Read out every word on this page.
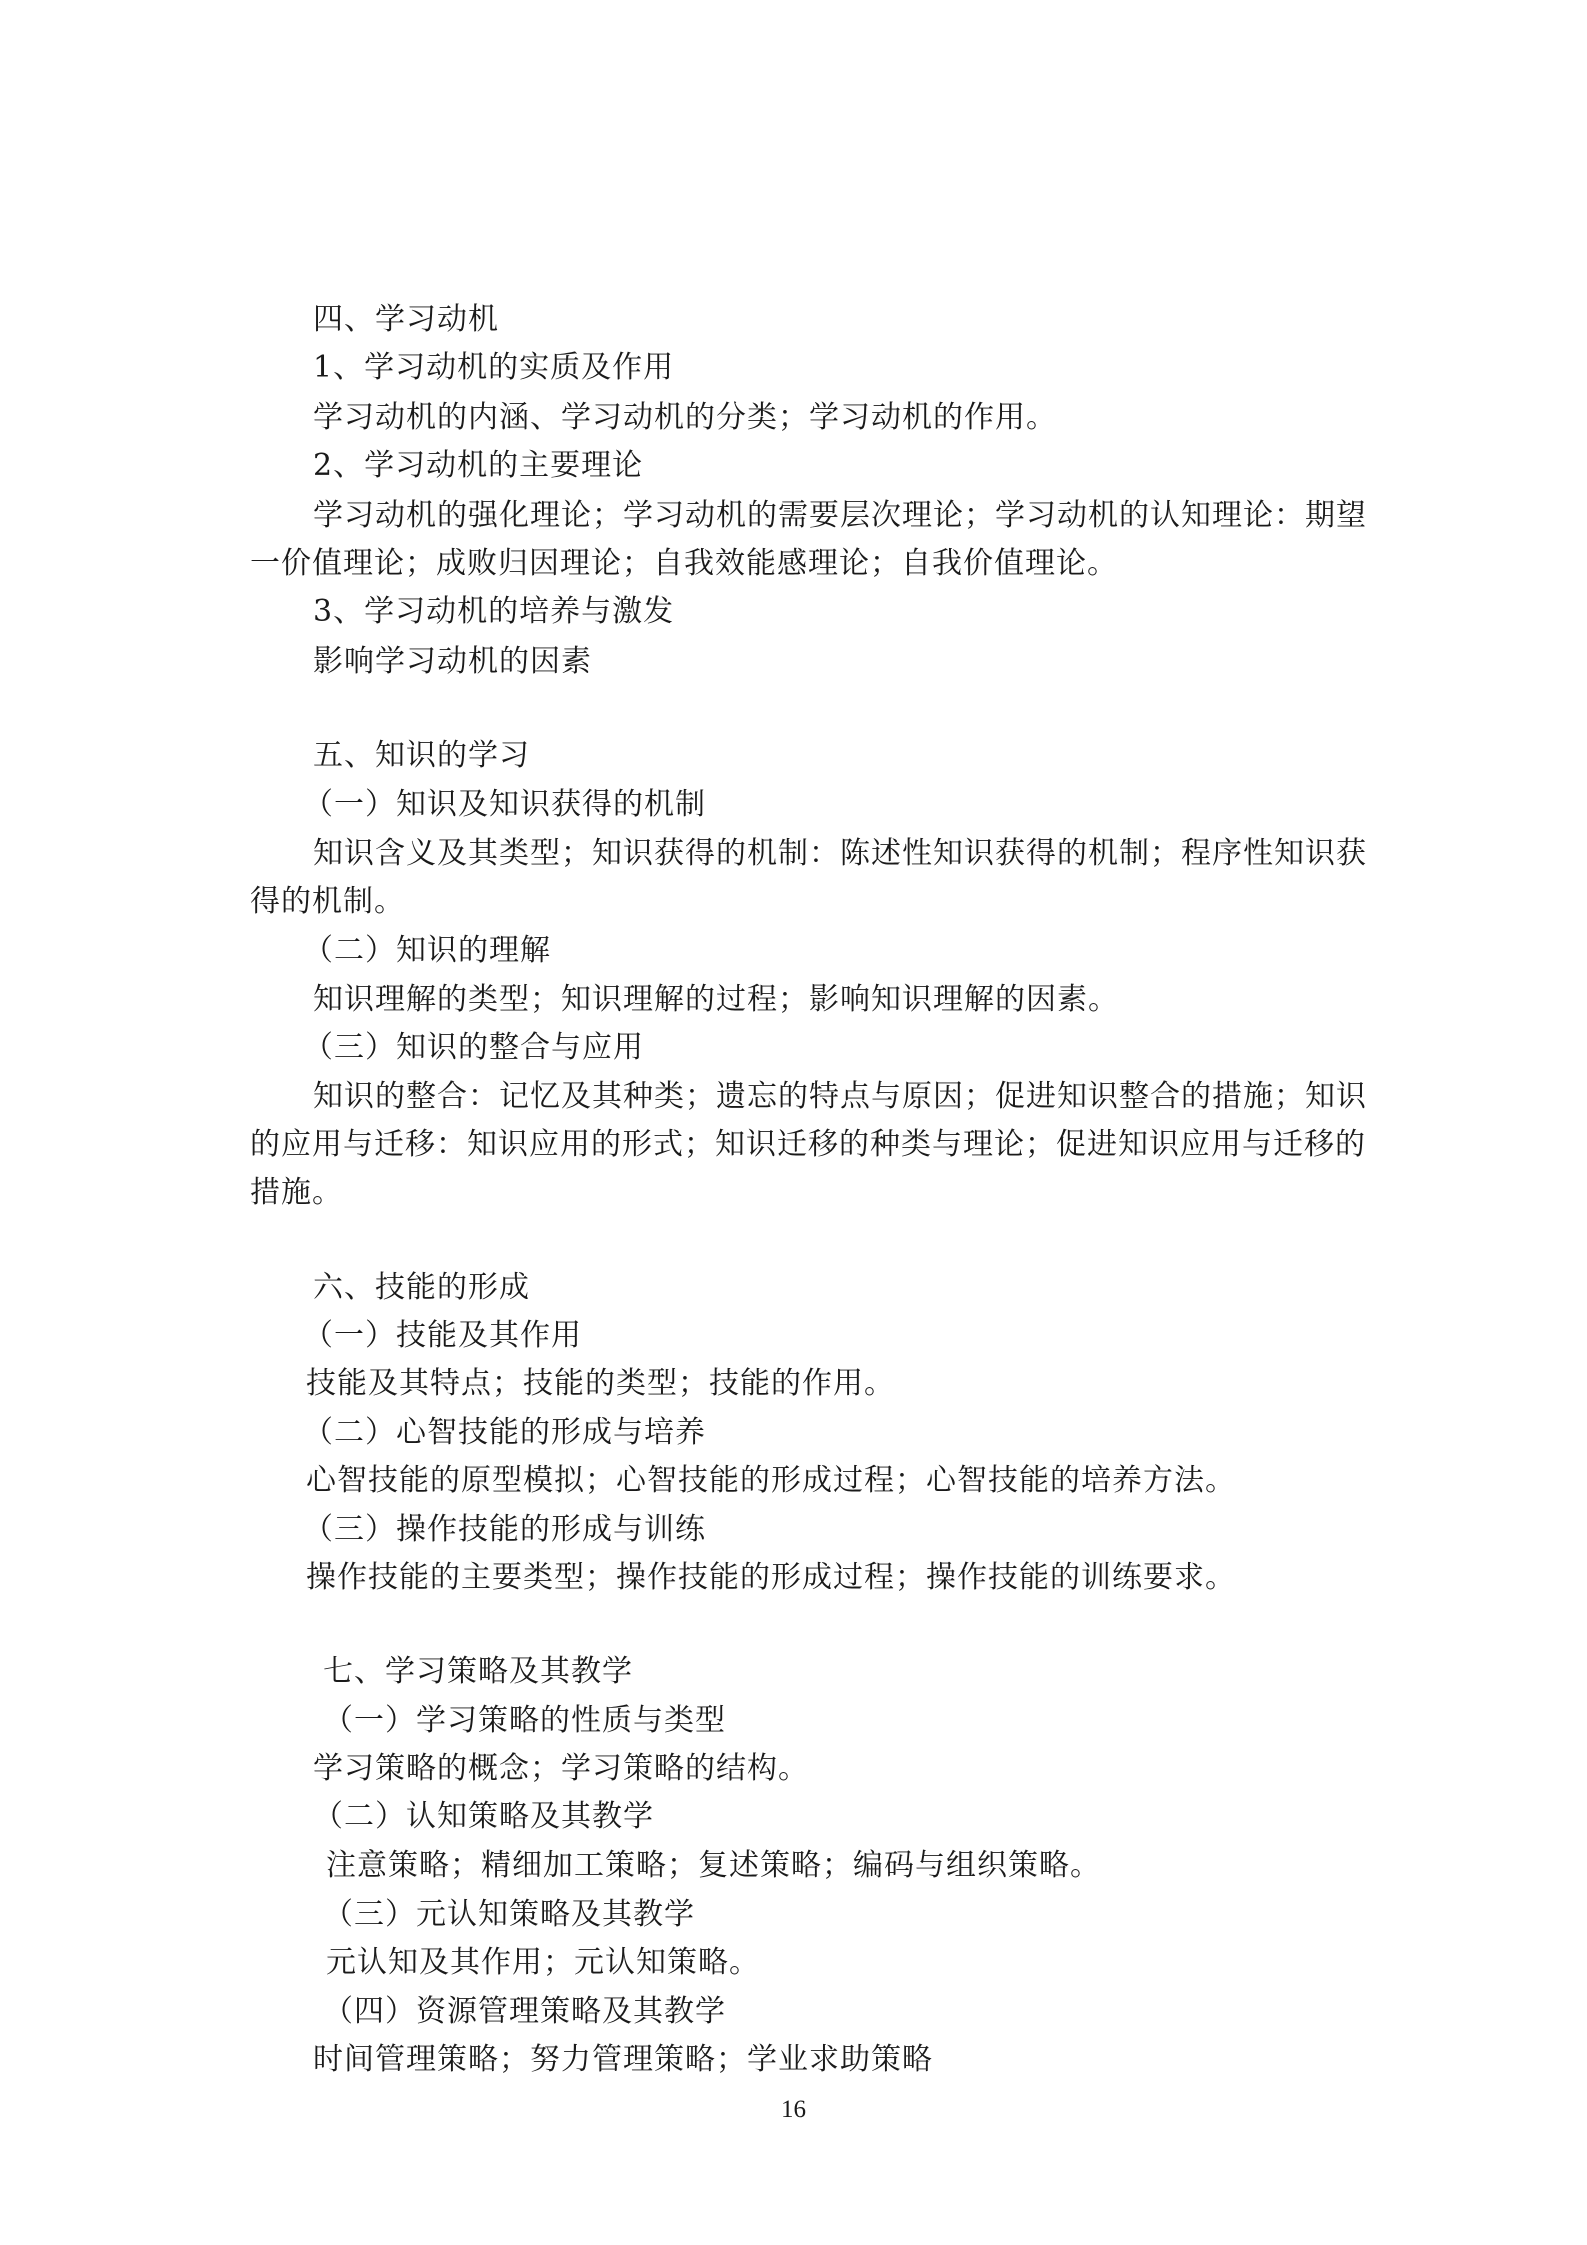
四、学习动机

1、学习动机的实质及作用

学习动机的内涵、学习动机的分类；学习动机的作用。

2、学习动机的主要理论

学习动机的强化理论；学习动机的需要层次理论；学习动机的认知理论：期望

一价值理论；成败归因理论；自我效能感理论；自我价值理论。

3、学习动机的培养与激发

影响学习动机的因素

五、知识的学习

（一）知识及知识获得的机制

知识含义及其类型；知识获得的机制：陈述性知识获得的机制；程序性知识获

得的机制。

（二）知识的理解

知识理解的类型；知识理解的过程；影响知识理解的因素。

（三）知识的整合与应用

知识的整合：记忆及其种类；遗忘的特点与原因；促进知识整合的措施；知识

的应用与迁移：知识应用的形式；知识迁移的种类与理论；促进知识应用与迁移的

措施。

六、技能的形成

（一）技能及其作用

技能及其特点；技能的类型；技能的作用。

（二）心智技能的形成与培养

心智技能的原型模拟；心智技能的形成过程；心智技能的培养方法。

（三）操作技能的形成与训练

操作技能的主要类型；操作技能的形成过程；操作技能的训练要求。

七、学习策略及其教学

（一）学习策略的性质与类型

学习策略的概念；学习策略的结构。

（二）认知策略及其教学

注意策略；精细加工策略；复述策略；编码与组织策略。

（三）元认知策略及其教学

元认知及其作用；元认知策略。

（四）资源管理策略及其教学

时间管理策略；努力管理策略；学业求助策略

16
